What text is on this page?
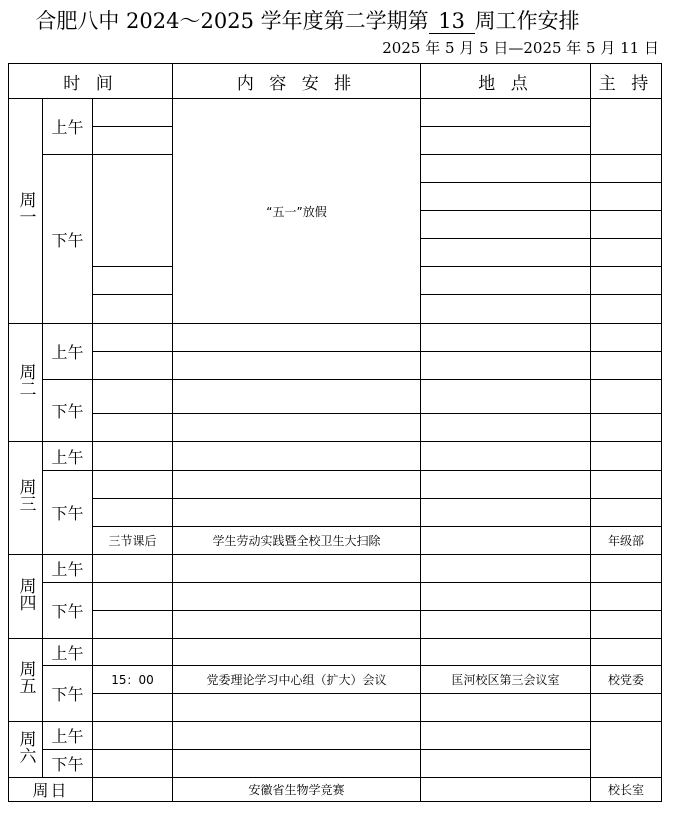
合肥八中 2024～2025 学年度第二学期第 13 周工作安排
2025 年 5 月 5 日—2025 年 5 月 11 日
时 间			内 容 安 排	地 点	主 持
周一	上午		“五一”放假		

	下午				

周二	上午				

	下午				

周三	上午				
	下午				

		三节课后	学生劳动实践暨全校卫生大扫除		年级部
周四	上午				
	下午				

周五	上午				
	下午	15：00	党委理论学习中心组（扩大）会议	匡河校区第三会议室	校党委

周六	上午				
	下午				
周日			安徽省生物学竞赛		校长室
